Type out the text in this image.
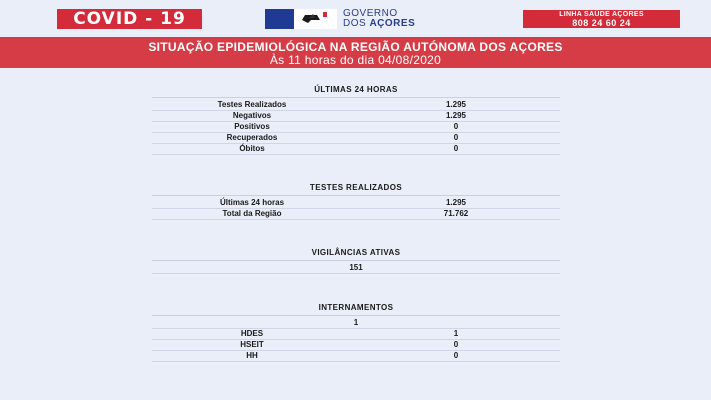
COVID - 19	GOVERNO
DOS AÇORES
LINHA SAÚDE AÇORES
808 24 60 24
SITUAÇÃO EPIDEMIOLÓGICA NA REGIÃO AUTÓNOMA DOS AÇORES
Às 11 horas do dia 04/08/2020
ÚLTIMAS 24 HORAS
Testes Realizados	1.295
Negativos	1.295
Positivos	0
Recuperados	0
Óbitos	0
TESTES REALIZADOS
Últimas 24 horas	1.295
Total da Região	71.762
VIGILÂNCIAS ATIVAS
151
INTERNAMENTOS
1
HDES	1
HSEIT	0
HH	0
